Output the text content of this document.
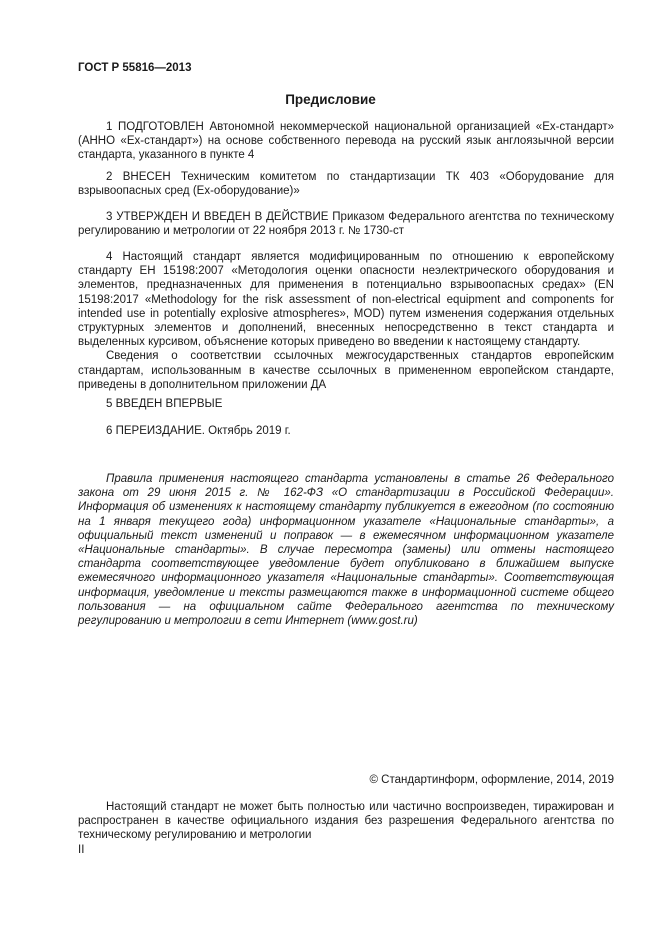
ГОСТ Р 55816—2013
Предисловие

1 ПОДГОТОВЛЕН Автономной некоммерческой национальной организацией «Ех-стандарт» (АННО «Ех-стандарт») на основе собственного перевода на русский язык англоязычной версии стандарта, указанного в пункте 4

2 ВНЕСЕН Техническим комитетом по стандартизации ТК 403 «Оборудование для взрывоопасных сред (Ех-оборудование)»

3 УТВЕРЖДЕН И ВВЕДЕН В ДЕЙСТВИЕ Приказом Федерального агентства по техническому регулированию и метрологии от 22 ноября 2013 г. № 1730-ст

4 Настоящий стандарт является модифицированным по отношению к европейскому стандарту ЕН 15198:2007 «Методология оценки опасности неэлектрического оборудования и элементов, предназначенных для применения в потенциально взрывоопасных средах» (EN 15198:2017 «Methodology for the risk assessment of non-electrical equipment and components for intended use in potentially explosive atmospheres», MOD) путем изменения содержания отдельных структурных элементов и дополнений, внесенных непосредственно в текст стандарта и выделенных курсивом, объяснение которых приведено во введении к настоящему стандарту.

Сведения о соответствии ссылочных межгосударственных стандартов европейским стандартам, использованным в качестве ссылочных в примененном европейском стандарте, приведены в дополнительном приложении ДА

5 ВВЕДЕН ВПЕРВЫЕ

6 ПЕРЕИЗДАНИЕ. Октябрь 2019 г.

Правила применения настоящего стандарта установлены в статье 26 Федерального закона от 29 июня 2015 г. № 162-ФЗ «О стандартизации в Российской Федерации». Информация об изменениях к настоящему стандарту публикуется в ежегодном (по состоянию на 1 января текущего года) информационном указателе «Национальные стандарты», а официальный текст изменений и поправок — в ежемесячном информационном указателе «Национальные стандарты». В случае пересмотра (замены) или отмены настоящего стандарта соответствующее уведомление будет опубликовано в ближайшем выпуске ежемесячного информационного указателя «Национальные стандарты». Соответствующая информация, уведомление и тексты размещаются также в информационной системе общего пользования — на официальном сайте Федерального агентства по техническому регулированию и метрологии в сети Интернет (www.gost.ru)

© Стандартинформ, оформление, 2014, 2019

Настоящий стандарт не может быть полностью или частично воспроизведен, тиражирован и распространен в качестве официального издания без разрешения Федерального агентства по техническому регулированию и метрологии

II
